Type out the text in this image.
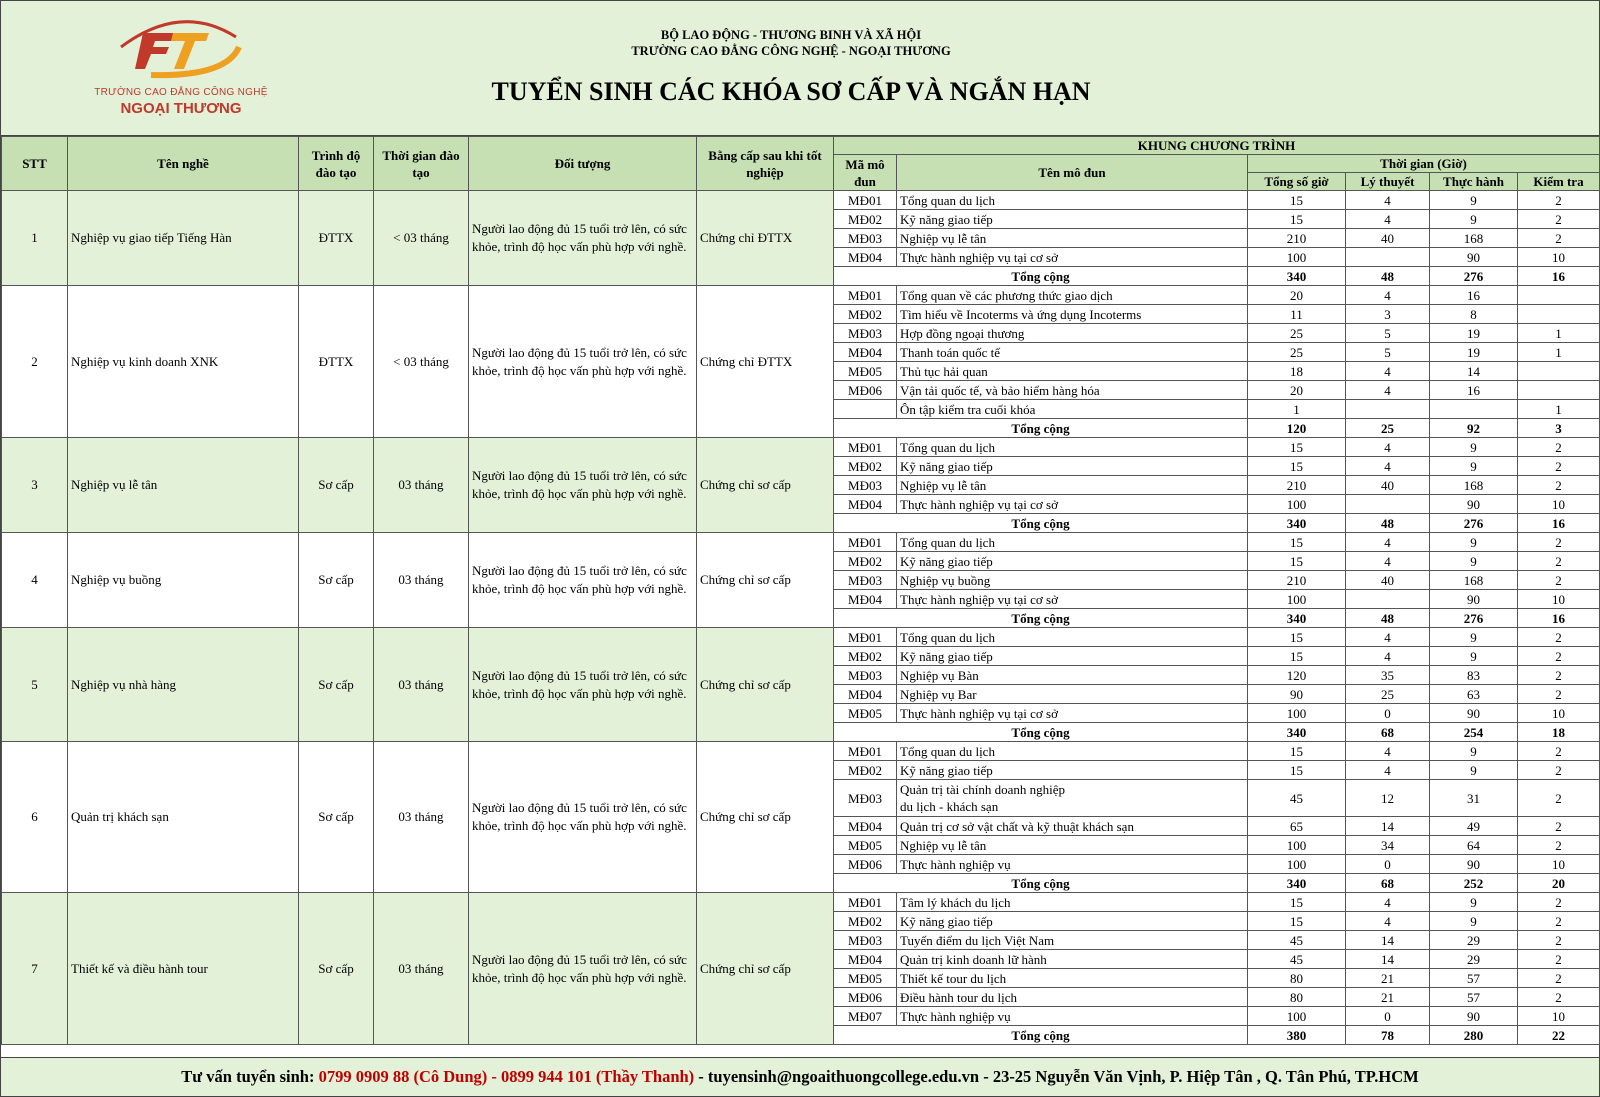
TRƯỜNG CAO ĐẲNG CÔNG NGHỆ
NGOẠI THƯƠNG
BỘ LAO ĐỘNG - THƯƠNG BINH VÀ XÃ HỘI
TRƯỜNG CAO ĐẲNG CÔNG NGHỆ - NGOẠI THƯƠNG
TUYỂN SINH CÁC KHÓA SƠ CẤP VÀ NGẮN HẠN
STT	Tên nghề	Trình độ đào tạo	Thời gian đào tạo	Đối tượng	Bằng cấp sau khi tốt nghiệp	KHUNG CHƯƠNG TRÌNH					
						Mã mô đun	Tên mô đun	Thời gian (Giờ)			
								Tổng số giờ	Lý thuyết	Thực hành	Kiểm tra
1	Nghiệp vụ giao tiếp Tiếng Hàn	ĐTTX	< 03 tháng	Người lao động đủ 15 tuổi trở lên, có sức khỏe, trình độ học vấn phù hợp với nghề.	Chứng chỉ ĐTTX	MĐ01	Tổng quan du lịch	15	4	9	2
						MĐ02	Kỹ năng giao tiếp	15	4	9	2
						MĐ03	Nghiệp vụ lễ tân	210	40	168	2
						MĐ04	Thực hành nghiệp vụ tại cơ sở	100		90	10
						Tổng cộng		340	48	276	16
2	Nghiệp vụ kinh doanh XNK	ĐTTX	< 03 tháng	Người lao động đủ 15 tuổi trở lên, có sức khỏe, trình độ học vấn phù hợp với nghề.	Chứng chỉ ĐTTX	MĐ01	Tổng quan về các phương thức giao dịch	20	4	16	
						MĐ02	Tìm hiểu về Incoterms và ứng dụng Incoterms	11	3	8	
						MĐ03	Hợp đồng ngoại thương	25	5	19	1
						MĐ04	Thanh toán quốc tế	25	5	19	1
						MĐ05	Thủ tục hải quan	18	4	14	
						MĐ06	Vận tải quốc tế, và bảo hiểm hàng hóa	20	4	16	

							Ôn tập kiểm tra cuối khóa	1			1
						Tổng cộng		120	25	92	3
3	Nghiệp vụ lễ tân	Sơ cấp	03 tháng	Người lao động đủ 15 tuổi trở lên, có sức khỏe, trình độ học vấn phù hợp với nghề.	Chứng chỉ sơ cấp	MĐ01	Tổng quan du lịch	15	4	9	2
						MĐ02	Kỹ năng giao tiếp	15	4	9	2
						MĐ03	Nghiệp vụ lễ tân	210	40	168	2
						MĐ04	Thực hành nghiệp vụ tại cơ sở	100		90	10
						Tổng cộng		340	48	276	16
4	Nghiệp vụ buồng	Sơ cấp	03 tháng	Người lao động đủ 15 tuổi trở lên, có sức khỏe, trình độ học vấn phù hợp với nghề.	Chứng chỉ sơ cấp	MĐ01	Tổng quan du lịch	15	4	9	2
						MĐ02	Kỹ năng giao tiếp	15	4	9	2
						MĐ03	Nghiệp vụ buồng	210	40	168	2
						MĐ04	Thực hành nghiệp vụ tại cơ sở	100		90	10
						Tổng cộng		340	48	276	16
5	Nghiệp vụ nhà hàng	Sơ cấp	03 tháng	Người lao động đủ 15 tuổi trở lên, có sức khỏe, trình độ học vấn phù hợp với nghề.	Chứng chỉ sơ cấp	MĐ01	Tổng quan du lịch	15	4	9	2
						MĐ02	Kỹ năng giao tiếp	15	4	9	2
						MĐ03	Nghiệp vụ Bàn	120	35	83	2
						MĐ04	Nghiệp vụ Bar	90	25	63	2
						MĐ05	Thực hành nghiệp vụ tại cơ sở	100	0	90	10
						Tổng cộng		340	68	254	18
6	Quản trị khách sạn	Sơ cấp	03 tháng	Người lao động đủ 15 tuổi trở lên, có sức khỏe, trình độ học vấn phù hợp với nghề.	Chứng chỉ sơ cấp	MĐ01	Tổng quan du lịch	15	4	9	2
						MĐ02	Kỹ năng giao tiếp	15	4	9	2
						MĐ03	Quản trị tài chính doanh nghiệp
du lịch - khách sạn	45	12	31	2
						MĐ04	Quản trị cơ sở vật chất và kỹ thuật khách sạn	65	14	49	2
						MĐ05	Nghiệp vụ lễ tân	100	34	64	2
						MĐ06	Thực hành nghiệp vụ	100	0	90	10
						Tổng cộng		340	68	252	20
7	Thiết kế và điều hành tour	Sơ cấp	03 tháng	Người lao động đủ 15 tuổi trở lên, có sức khỏe, trình độ học vấn phù hợp với nghề.	Chứng chỉ sơ cấp	MĐ01	Tâm lý khách du lịch	15	4	9	2
						MĐ02	Kỹ năng giao tiếp	15	4	9	2
						MĐ03	Tuyến điểm du lịch Việt Nam	45	14	29	2
						MĐ04	Quản trị kinh doanh lữ hành	45	14	29	2
						MĐ05	Thiết kế tour du lịch	80	21	57	2
						MĐ06	Điều hành tour du lịch	80	21	57	2
						MĐ07	Thực hành nghiệp vụ	100	0	90	10
						Tổng cộng		380	78	280	22
Tư vấn tuyển sinh: 0799 0909 88 (Cô Dung) - 0899 944 101 (Thầy Thanh) - tuyensinh@ngoaithuongcollege.edu.vn - 23-25 Nguyễn Văn Vịnh, P. Hiệp Tân , Q. Tân Phú, TP.HCM
